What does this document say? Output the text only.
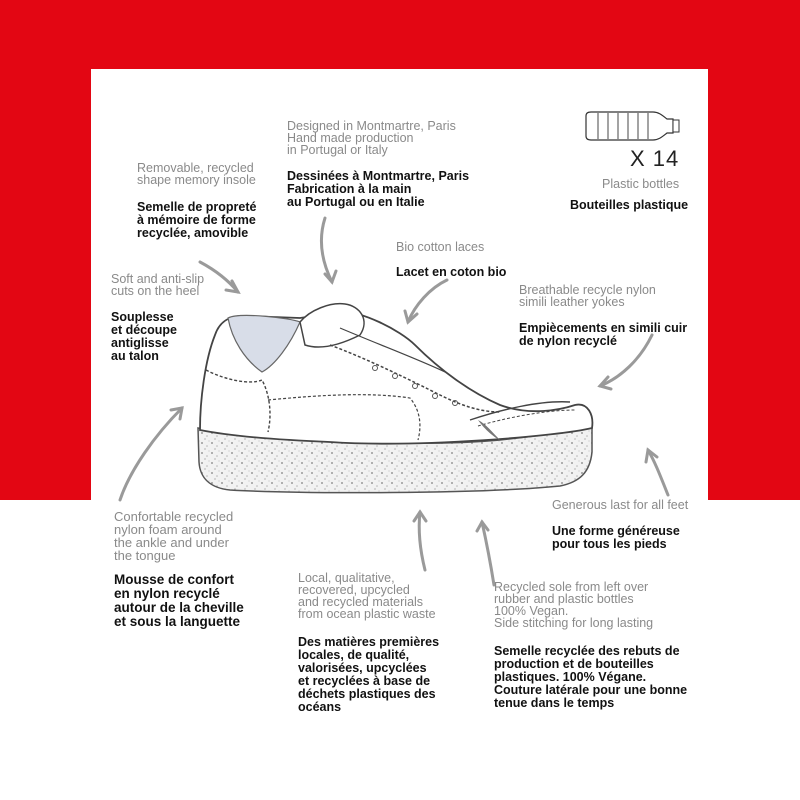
X 14
Plastic bottles
Bouteilles plastique
Designed in Montmartre, Paris
Hand made production
in Portugal or Italy
Dessinées à Montmartre, Paris
Fabrication à la main
au Portugal ou en Italie
Removable, recycled
shape memory insole
Semelle de propreté
à mémoire de forme
recyclée, amovible
Bio cotton laces
Lacet en coton bio
Soft and anti-slip
cuts on the heel
Souplesse
et découpe
antiglisse
au talon
Breathable recycle nylon
simili leather yokes
Empiècements en simili cuir
de nylon recyclé
Generous last for all feet
Une forme généreuse
pour tous les pieds
Confortable recycled
nylon foam around
the ankle and under
the tongue
Mousse de confort
en nylon recyclé
autour de la cheville
et sous la languette
Local, qualitative,
recovered, upcycled
and recycled materials
from ocean plastic waste
Des matières premières
locales, de qualité,
valorisées, upcyclées
et recyclées à base de
déchets plastiques des
océans
Recycled sole from left over
rubber and plastic bottles
100% Vegan.
Side stitching for long lasting
Semelle recyclée des rebuts de
production et de bouteilles
plastiques. 100% Végane.
Couture latérale pour une bonne
tenue dans le temps
